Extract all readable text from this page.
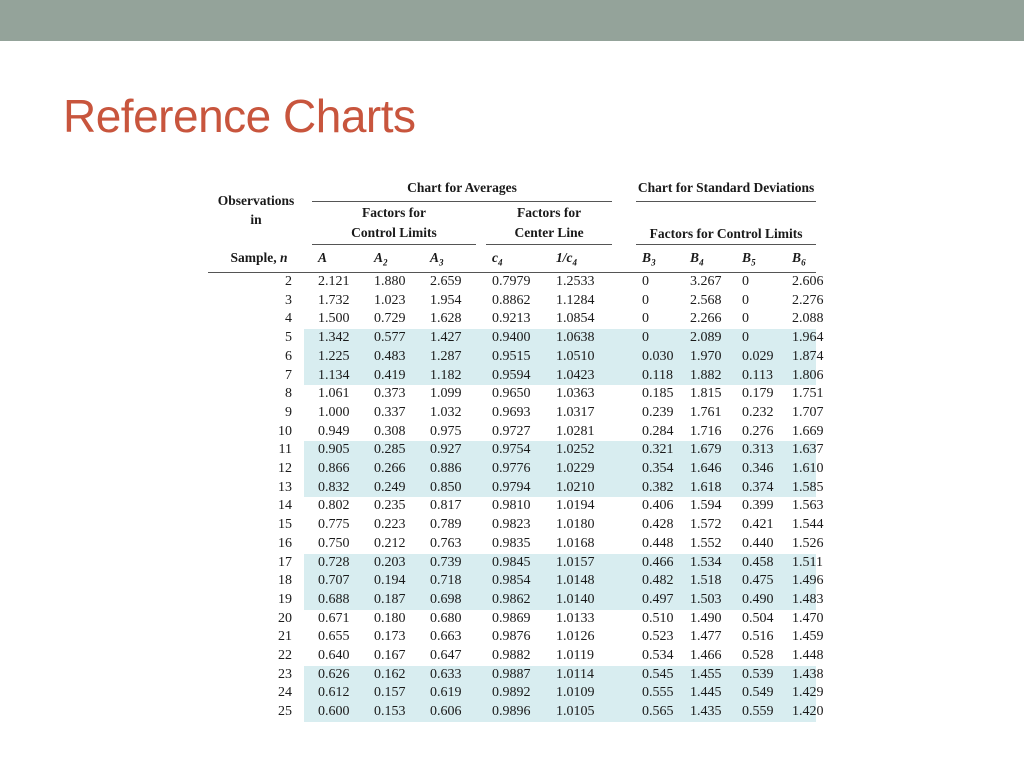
Reference Charts
Observations
in		Chart for Averages							Chart for Standard Deviations			
		Factors for
Control Limits				Factors for
Center Line			Factors for Control Limits			
Sample, n		A	$A_2$	$A_3$		$c_4$	$1/c_4$		$B_3$	$B_4$	$B_5$	$B_6$
2		2.121	1.880	2.659		0.7979	1.2533		0	3.267	0	2.606
3		1.732	1.023	1.954		0.8862	1.1284		0	2.568	0	2.276
4		1.500	0.729	1.628		0.9213	1.0854		0	2.266	0	2.088
5		1.342	0.577	1.427		0.9400	1.0638		0	2.089	0	1.964
6		1.225	0.483	1.287		0.9515	1.0510		0.030	1.970	0.029	1.874
7		1.134	0.419	1.182		0.9594	1.0423		0.118	1.882	0.113	1.806
8		1.061	0.373	1.099		0.9650	1.0363		0.185	1.815	0.179	1.751
9		1.000	0.337	1.032		0.9693	1.0317		0.239	1.761	0.232	1.707
10		0.949	0.308	0.975		0.9727	1.0281		0.284	1.716	0.276	1.669
11		0.905	0.285	0.927		0.9754	1.0252		0.321	1.679	0.313	1.637
12		0.866	0.266	0.886		0.9776	1.0229		0.354	1.646	0.346	1.610
13		0.832	0.249	0.850		0.9794	1.0210		0.382	1.618	0.374	1.585
14		0.802	0.235	0.817		0.9810	1.0194		0.406	1.594	0.399	1.563
15		0.775	0.223	0.789		0.9823	1.0180		0.428	1.572	0.421	1.544
16		0.750	0.212	0.763		0.9835	1.0168		0.448	1.552	0.440	1.526
17		0.728	0.203	0.739		0.9845	1.0157		0.466	1.534	0.458	1.511
18		0.707	0.194	0.718		0.9854	1.0148		0.482	1.518	0.475	1.496
19		0.688	0.187	0.698		0.9862	1.0140		0.497	1.503	0.490	1.483
20		0.671	0.180	0.680		0.9869	1.0133		0.510	1.490	0.504	1.470
21		0.655	0.173	0.663		0.9876	1.0126		0.523	1.477	0.516	1.459
22		0.640	0.167	0.647		0.9882	1.0119		0.534	1.466	0.528	1.448
23		0.626	0.162	0.633		0.9887	1.0114		0.545	1.455	0.539	1.438
24		0.612	0.157	0.619		0.9892	1.0109		0.555	1.445	0.549	1.429
25		0.600	0.153	0.606		0.9896	1.0105		0.565	1.435	0.559	1.420
